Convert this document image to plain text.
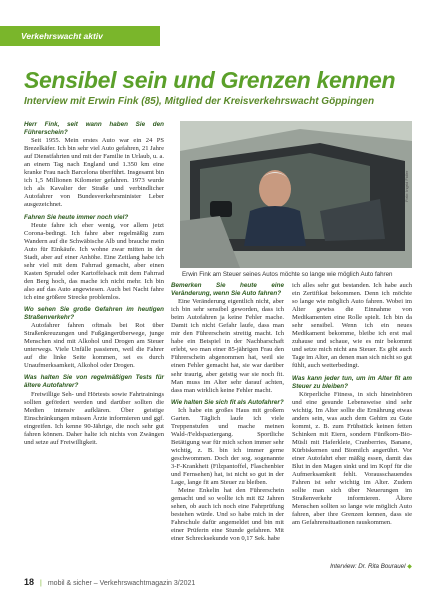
Verkehrswacht aktiv
Sensibel sein und Grenzen kennen
Interview mit Erwin Fink (85), Mitglied der Kreisverkehrswacht Göppingen

Herr Fink, seit wann haben Sie den Führerschein?

Seit 1955. Mein erstes Auto war ein 24 PS Brezelkäfer. Ich bin sehr viel Auto gefahren, 21 Jahre auf Dienstfahrten und mit der Familie in Urlaub, u. a. an einem Tag nach England und 1.350 km eine kranke Frau nach Barcelona überführt. Insgesamt bin ich 1,5 Millionen Kilometer gefahren. 1973 wurde ich als Kavalier der Straße und verbindlicher Autofahrer von Bundesverkehrsminister Leber ausgezeichnet.

Fahren Sie heute immer noch viel?

Heute fahre ich eher wenig, vor allem jetzt Corona-bedingt. Ich fahre aber regelmäßig zum Wandern auf die Schwäbische Alb und brauche mein Auto für Einkäufe. Ich wohne zwar mitten in der Stadt, aber auf einer Anhöhe. Eine Zeitlang habe ich sehr viel mit dem Fahrrad gemacht, aber einen Kasten Sprudel oder Kartoffelsack mit dem Fahrrad den Berg hoch, das mache ich nicht mehr. Ich bin also auf das Auto angewiesen. Auch bei Nacht fahre ich eine größere Strecke problemlos.

Wo sehen Sie große Gefahren im heutigen Straßenverkehr?

Autofahrer fahren oftmals bei Rot über Straßenkreuzungen und Fußgängerüberwege, junge Menschen sind mit Alkohol und Drogen am Steuer unterwegs. Viele Unfälle passieren, weil die Fahrer auf die linke Seite kommen, sei es durch Unaufmerksamkeit, Alkohol oder Drogen.

Was halten Sie von regelmäßigen Tests für ältere Autofahrer?

Freiwillige Seh- und Hörtests sowie Fahrtrainings sollten gefördert werden und darüber sollten die Medien intensiv aufklären. Über geistige Einschränkungen müssen Ärzte informieren und ggf. eingreifen. Ich kenne 90-Jährige, die noch sehr gut fahren können. Daher halte ich nichts von Zwängen und setze auf Freiwilligkeit.

Foto: Ingrid Fidler
Erwin Fink am Steuer seines Autos möchte so lange wie möglich Auto fahren

Bemerken Sie heute eine Veränderung, wenn Sie Auto fahren?

Eine Veränderung eigentlich nicht, aber ich bin sehr sensibel geworden, dass ich beim Autofahren ja keine Fehler mache. Damit ich nicht Gefahr laufe, dass man mir den Führerschein streitig macht. Ich habe ein Beispiel in der Nachbarschaft erlebt, wo man einer 85-jährigen Frau den Führerschein abgenommen hat, weil sie einen Fehler gemacht hat, sie war darüber sehr traurig, aber geistig war sie noch fit. Man muss im Alter sehr darauf achten, dass man wirklich keine Fehler macht.

Wie halten Sie sich fit als Autofahrer?

Ich habe ein großes Haus mit großem Garten. Täglich laufe ich viele Treppenstufen und mache meinen Wald-/Feldspaziergang. Sportliche Betätigung war für mich schon immer sehr wichtig, z. B. bin ich immer gerne geschwommen. Doch der sog. sogenannte 3-F-Krankheit (Filzpantoffel, Flaschenbier und Fernsehen) hat, ist nicht so gut in der Lage, lange fit am Steuer zu bleiben.

Meine Enkelin hat den Führerschein gemacht und so wollte ich mit 82 Jahren sehen, ob auch ich noch eine Fahrprüfung bestehen würde. Und so habe mich in der Fahrschule dafür angemeldet und bin mit einer Prüferin eine Stunde gefahren. Mit einer Schrecksekunde von 0,17 Sek. habe

ich alles sehr gut bestanden. Ich habe auch ein Zertifikat bekommen. Denn ich möchte so lange wie möglich Auto fahren. Wobei im Alter gewiss die Einnahme von Medikamenten eine Rolle spielt. Ich bin da sehr sensibel. Wenn ich ein neues Medikament bekomme, bleibe ich erst mal zuhause und schaue, wie es mir bekommt und setze mich nicht ans Steuer. Es gibt auch Tage im Alter, an denen man sich nicht so gut fühlt, auch wetterbedingt.

Was kann jeder tun, um im Alter fit am Steuer zu bleiben?

Körperliche Fitness, in sich hineinhören und eine gesunde Lebensweise sind sehr wichtig. Im Alter sollte die Ernährung etwas anders sein, was auch dem Gehirn zu Gute kommt, z. B. zum Frühstück keinen fetten Schinken mit Eiern, sondern Fünfkorn-Bio-Müsli mit Haferkleie, Cranberries, Banane, Kürbiskernen und Biomilch angerührt. Vor einer Autofahrt eher mäßig essen, damit das Blut in den Magen sinkt und im Kopf für die Aufmerksamkeit fehlt. Vorausschauendes Fahren ist sehr wichtig im Alter. Zudem sollte man sich über Neuerungen im Straßenverkehr informieren. Ältere Menschen sollten so lange wie möglich Auto fahren, aber ihre Grenzen kennen, dass sie am Gefahrensituationen rauskommen.

Interview: Dr. Rita Bourauel ◆
18 | mobil & sicher – Verkehrswachtmagazin 3/2021
